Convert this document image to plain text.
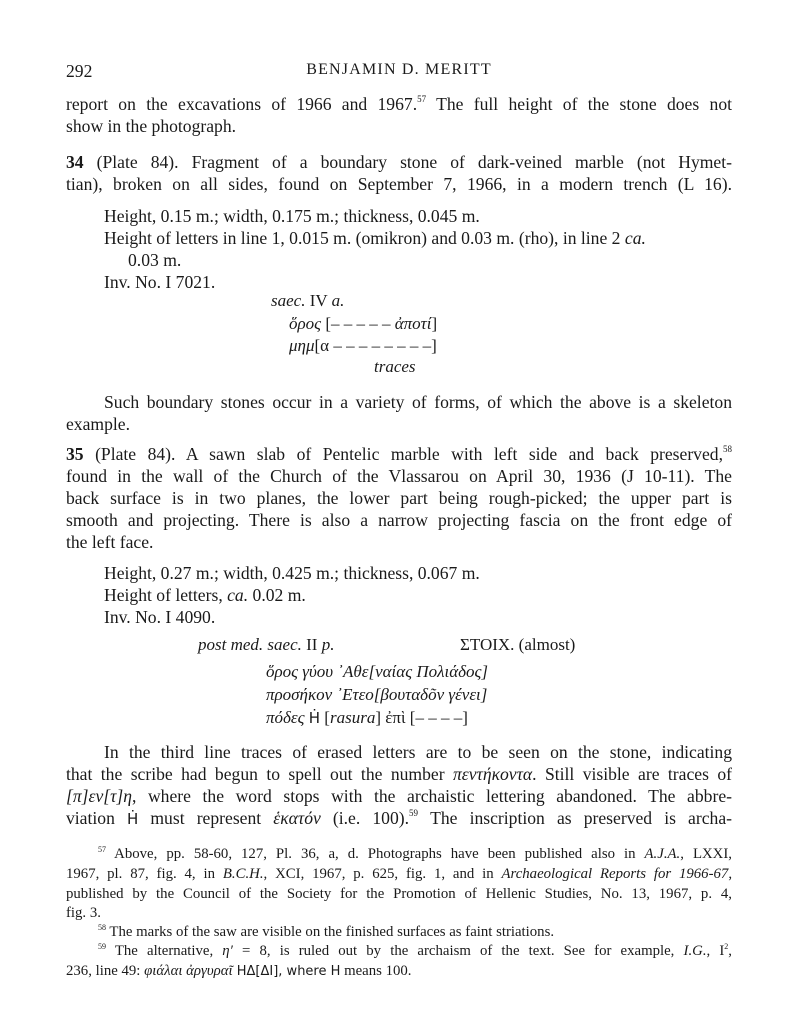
292	BENJAMIN D. MERITT
report on the excavations of 1966 and 1967.57 The full height of the stone does not
show in the photograph.
34 (Plate 84). Fragment of a boundary stone of dark-veined marble (not Hymet-
tian), broken on all sides, found on September 7, 1966, in a modern trench (L 16).
Height, 0.15 m.; width, 0.175 m.; thickness, 0.045 m.
Height of letters in line 1, 0.015 m. (omikron) and 0.03 m. (rho), in line 2 ca.
0.03 m.
Inv. No. I 7021.
saec. IV a.
ὅρος [– – – – – ἀποτί]
μημ[α – – – – – – – –]
traces
Such boundary stones occur in a variety of forms, of which the above is a skeleton
example.
35 (Plate 84). A sawn slab of Pentelic marble with left side and back preserved,$^{58}$
found in the wall of the Church of the Vlassarou on April 30, 1936 (J 10-11). The
back surface is in two planes, the lower part being rough-picked; the upper part is
smooth and projecting. There is also a narrow projecting fascia on the front edge of
the left face.
Height, 0.27 m.; width, 0.425 m.; thickness, 0.067 m.
Height of letters, ca. 0.02 m.
Inv. No. I 4090.
post med. saec. II p.	ΣΤΟΙΧ. (almost)
ὅρος γύου ᾿Αθε[ναίας Πολιάδος]
προσήκον ᾿Ετεο[βουταδõν γένει]
πόδες Ḣ [rasura] ἐπὶ [– – – –]
In the third line traces of erased letters are to be seen on the stone, indicating
that the scribe had begun to spell out the number πεντήκοντα. Still visible are traces of
[π]εν[τ]η, where the word stops with the archaistic lettering abandoned. The abbre-
viation Ḣ must represent ἑκατόν (i.e. 100).$^{59}$ The inscription as preserved is archa-
$^{57}$ Above, pp. 58-60, 127, Pl. 36, a, d. Photographs have been published also in A.J.A., LXXI,
1967, pl. 87, fig. 4, in B.C.H., XCI, 1967, p. 625, fig. 1, and in Archaeological Reports for 1966-67,
published by the Council of the Society for the Promotion of Hellenic Studies, No. 13, 1967, p. 4,
fig. 3.
$^{58}$ The marks of the saw are visible on the finished surfaces as faint striations.
$^{59}$ The alternative, η′ = 8, is ruled out by the archaism of the text. See for example, I.G., $I^2$,
236, line 49: φιάλαι ἀργυραῖ HΔ[ΔΙ], where H means 100.
